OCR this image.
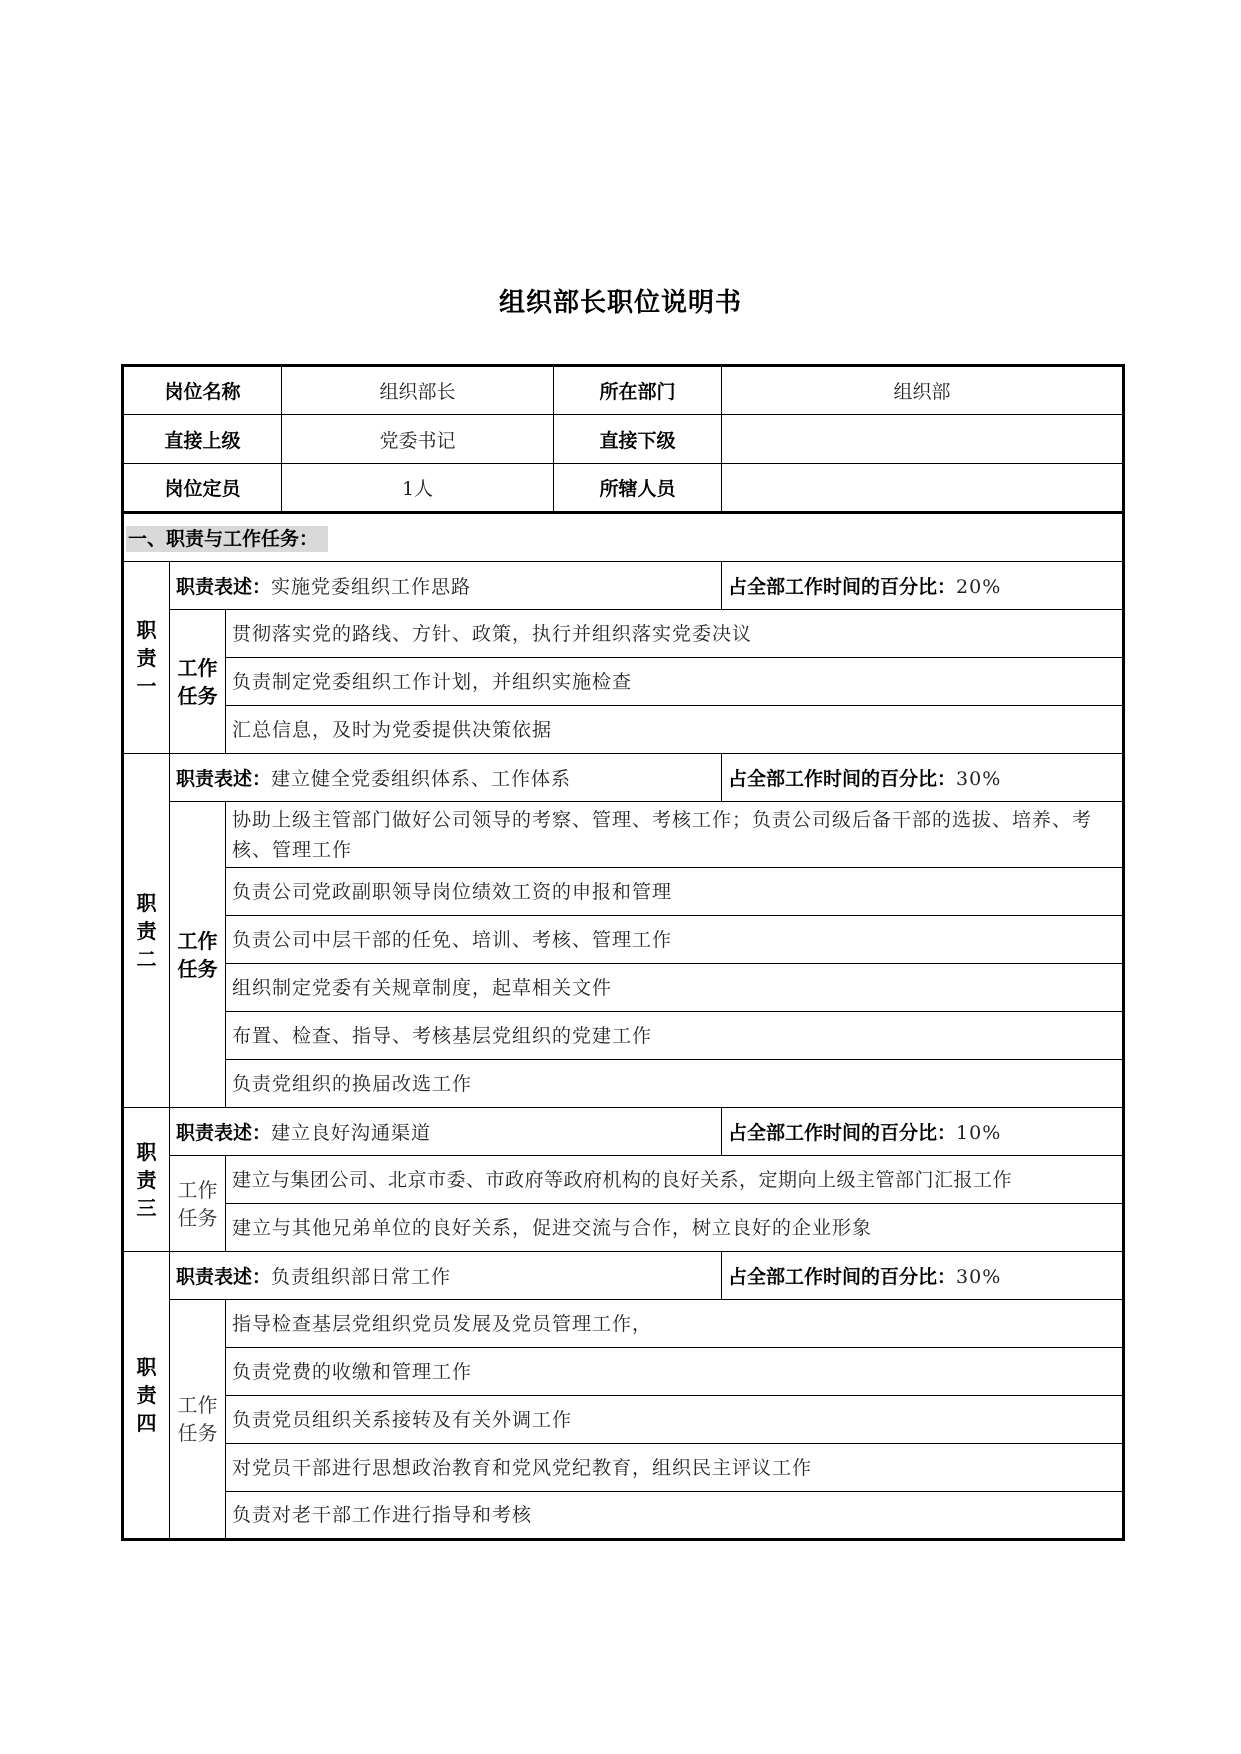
组织部长职位说明书
岗位名称			组织部长	所在部门	组织部
直接上级			党委书记	直接下级	
岗位定员			1人	所辖人员	
一、职责与工作任务：					

职
责
一	职责表述：实施党委组织工作思路				占全部工作时间的百分比：20%

	工作
任务	贯彻落实党的路线、方针、政策，执行并组织落实党委决议			
		负责制定党委组织工作计划，并组织实施检查			
		汇总信息，及时为党委提供决策依据			

职
责
二	职责表述：建立健全党委组织体系、工作体系				占全部工作时间的百分比：30%

	工作
任务	协助上级主管部门做好公司领导的考察、管理、考核工作；负责公司级后备干部的选拔、培养、考核、管理工作			
		负责公司党政副职领导岗位绩效工资的申报和管理			
		负责公司中层干部的任免、培训、考核、管理工作			
		组织制定党委有关规章制度，起草相关文件			
		布置、检查、指导、考核基层党组织的党建工作			
		负责党组织的换届改选工作			

职
责
三	职责表述：建立良好沟通渠道				占全部工作时间的百分比：10%

	工作
任务	建立与集团公司、北京市委、市政府等政府机构的良好关系，定期向上级主管部门汇报工作			
		建立与其他兄弟单位的良好关系，促进交流与合作，树立良好的企业形象			

职
责
四	职责表述：负责组织部日常工作				占全部工作时间的百分比：30%

	工作
任务	指导检查基层党组织党员发展及党员管理工作，			
		负责党费的收缴和管理工作			
		负责党员组织关系接转及有关外调工作			
		对党员干部进行思想政治教育和党风党纪教育，组织民主评议工作			
		负责对老干部工作进行指导和考核			
